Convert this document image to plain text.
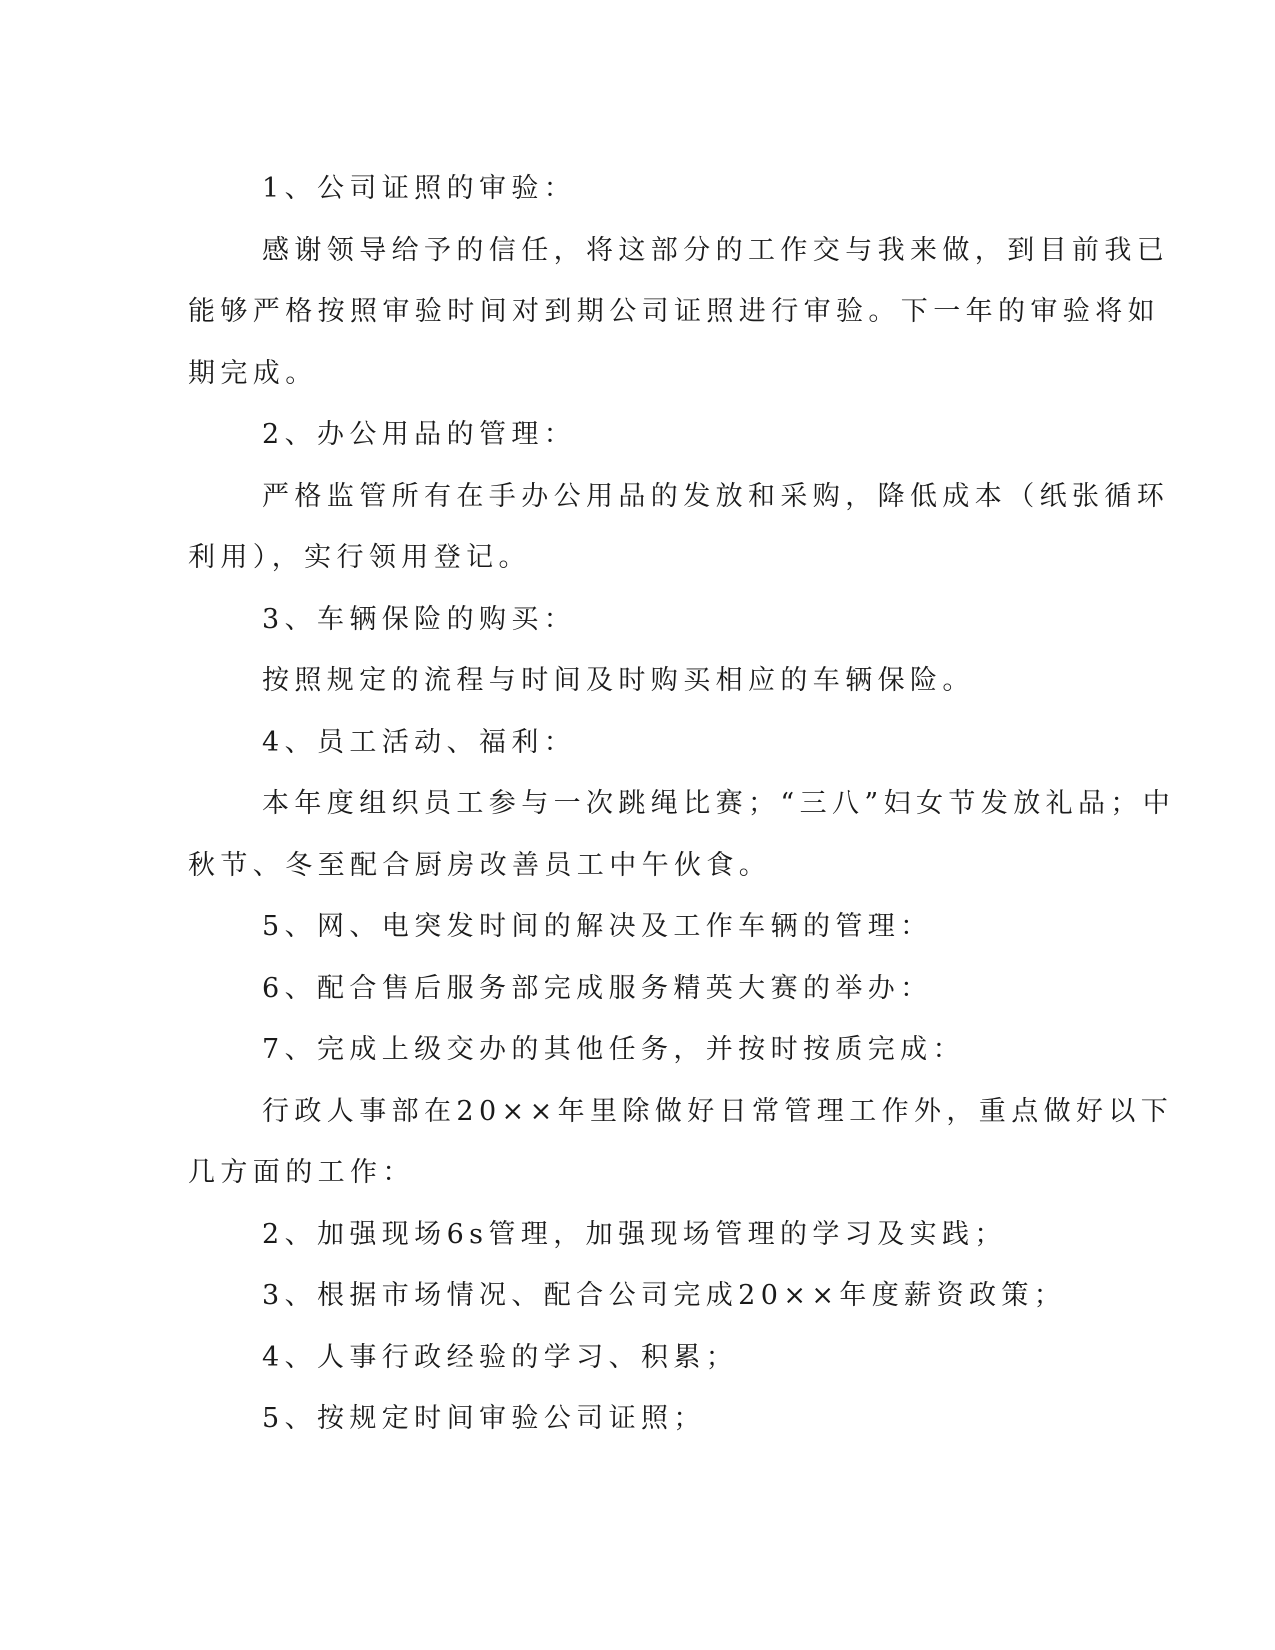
1、公司证照的审验：
感谢领导给予的信任，将这部分的工作交与我来做，到目前我已
能够严格按照审验时间对到期公司证照进行审验。下一年的审验将如
期完成。
2、办公用品的管理：
严格监管所有在手办公用品的发放和采购，降低成本（纸张循环
利用），实行领用登记。
3、车辆保险的购买：
按照规定的流程与时间及时购买相应的车辆保险。
4、员工活动、福利：
本年度组织员工参与一次跳绳比赛；“三八”妇女节发放礼品；中
秋节、冬至配合厨房改善员工中午伙食。
5、网、电突发时间的解决及工作车辆的管理：
6、配合售后服务部完成服务精英大赛的举办：
7、完成上级交办的其他任务，并按时按质完成：
行政人事部在20××年里除做好日常管理工作外，重点做好以下
几方面的工作：
2、加强现场6s管理，加强现场管理的学习及实践；
3、根据市场情况、配合公司完成20××年度薪资政策；
4、人事行政经验的学习、积累；
5、按规定时间审验公司证照；
